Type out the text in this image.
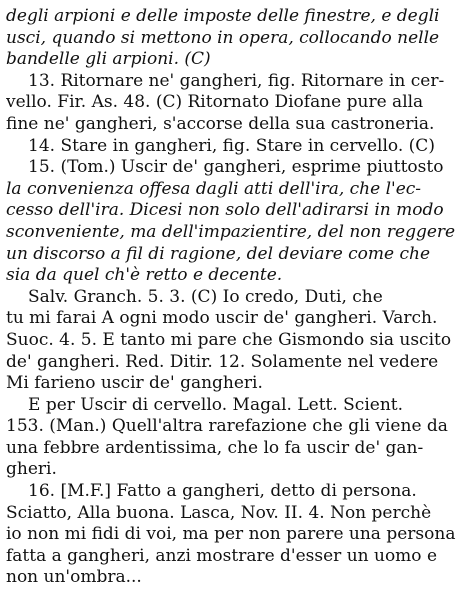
degli arpioni e delle imposte delle finestre, e degli
usci, quando si mettono in opera, collocando nelle
bandelle gli arpioni. (C)
13. Ritornare ne' gangheri, fig. Ritornare in cer-
vello. Fir. As. 48. (C) Ritornato Diofane pure alla
fine ne' gangheri, s'accorse della sua castroneria.
14. Stare in gangheri, fig. Stare in cervello. (C)
15. (Tom.) Uscir de' gangheri, esprime piuttosto
la convenienza offesa dagli atti dell'ira, che l'ec-
cesso dell'ira. Dicesi non solo dell'adirarsi in modo
sconveniente, ma dell'impazientire, del non reggere
un discorso a fil di ragione, del deviare come che
sia da quel ch'è retto e decente.
Salv. Granch. 5. 3. (C) Io credo, Duti, che
tu mi farai A ogni modo uscir de' gangheri. Varch.
Suoc. 4. 5. E tanto mi pare che Gismondo sia uscito
de' gangheri. Red. Ditir. 12. Solamente nel vedere
Mi farieno uscir de' gangheri.
E per Uscir di cervello. Magal. Lett. Scient.
153. (Man.) Quell'altra rarefazione che gli viene da
una febbre ardentissima, che lo fa uscir de' gan-
gheri.
16. [M.F.] Fatto a gangheri, detto di persona.
Sciatto, Alla buona. Lasca, Nov. II. 4. Non perchè
io non mi fidi di voi, ma per non parere una persona
fatta a gangheri, anzi mostrare d'esser un uomo e
non un'ombra...
